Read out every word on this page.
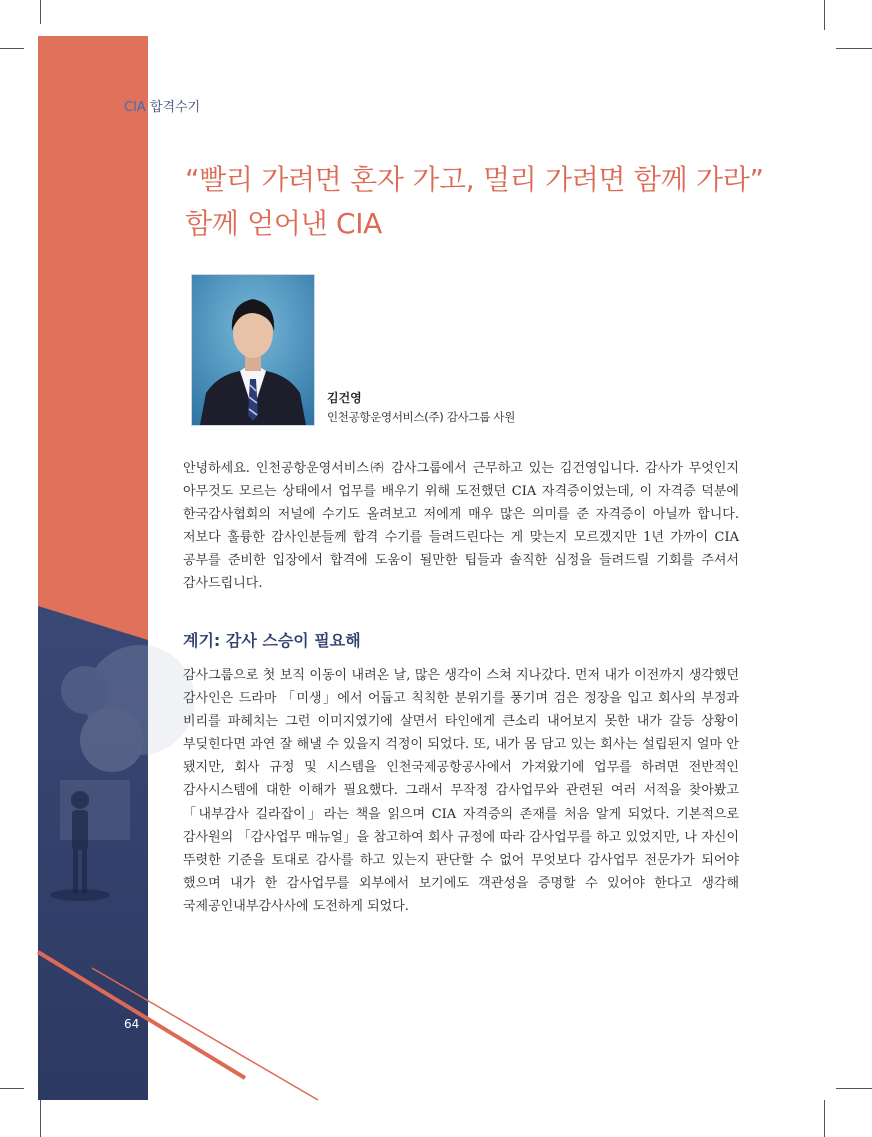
CIA 합격수기
“빨리 가려면 혼자 가고, 멀리 가려면 함께 가라”
함께 얻어낸 CIA
김건영
인천공항운영서비스(주) 감사그룹 사원

안녕하세요. 인천공항운영서비스㈜ 감사그룹에서 근무하고 있는 김건영입니다. 감사가 무엇인지 아무것도 모르는 상태에서 업무를 배우기 위해 도전했던 CIA 자격증이었는데, 이 자격증 덕분에 한국감사협회의 저널에 수기도 올려보고 저에게 매우 많은 의미를 준 자격증이 아닐까 합니다. 저보다 훌륭한 감사인분들께 합격 수기를 들려드린다는 게 맞는지 모르겠지만 1년 가까이 CIA 공부를 준비한 입장에서 합격에 도움이 될만한 팁들과 솔직한 심정을 들려드릴 기회를 주셔서 감사드립니다.

계기: 감사 스승이 필요해

감사그룹으로 첫 보직 이동이 내려온 날, 많은 생각이 스쳐 지나갔다. 먼저 내가 이전까지 생각했던 감사인은 드라마 「미생」에서 어둡고 칙칙한 분위기를 풍기며 검은 정장을 입고 회사의 부정과 비리를 파헤치는 그런 이미지였기에 살면서 타인에게 큰소리 내어보지 못한 내가 갈등 상황이 부딪힌다면 과연 잘 해낼 수 있을지 걱정이 되었다. 또, 내가 몸 담고 있는 회사는 설립된지 얼마 안 됐지만, 회사 규정 및 시스템을 인천국제공항공사에서 가져왔기에 업무를 하려면 전반적인 감사시스템에 대한 이해가 필요했다. 그래서 무작정 감사업무와 관련된 여러 서적을 찾아봤고 「내부감사 길라잡이」라는 책을 읽으며 CIA 자격증의 존재를 처음 알게 되었다. 기본적으로 감사원의 「감사업무 매뉴얼」을 참고하여 회사 규정에 따라 감사업무를 하고 있었지만, 나 자신이 뚜렷한 기준을 토대로 감사를 하고 있는지 판단할 수 없어 무엇보다 감사업무 전문가가 되어야 했으며 내가 한 감사업무를 외부에서 보기에도 객관성을 증명할 수 있어야 한다고 생각해 국제공인내부감사사에 도전하게 되었다.

64
